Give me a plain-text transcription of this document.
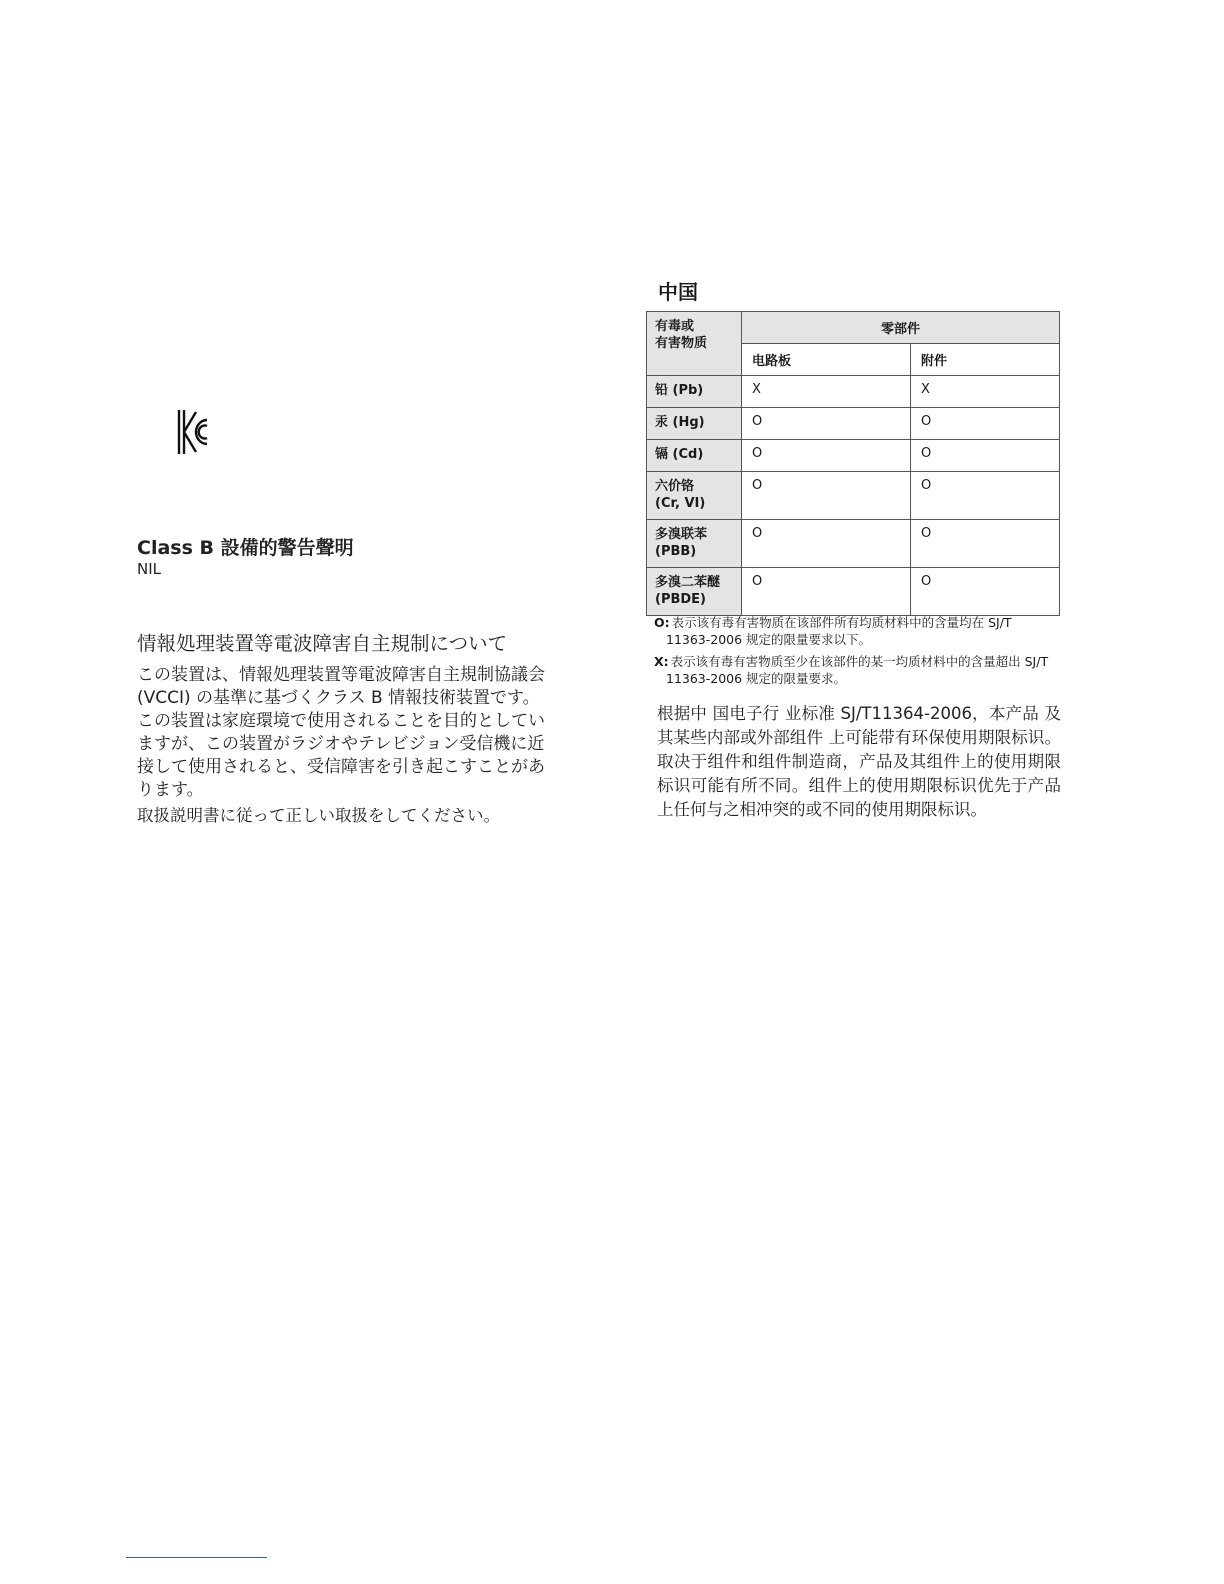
Class B 設備的警告聲明
NIL
情報処理装置等電波障害自主規制について

この装置は、情報処理装置等電波障害自主規制協議会 (VCCI) の基準に基づくクラス B 情報技術装置です。この装置は家庭環境で使用されることを目的としていますが、この装置がラジオやテレビジョン受信機に近接して使用されると、受信障害を引き起こすことがあります。

取扱説明書に従って正しい取扱をしてください。

中国
有毒或
有害物质	零部件	
	电路板	附件
铅 (Pb)	X	X
汞 (Hg)	O	O
镉 (Cd)	O	O
六价铬
(Cr, VI)	O	O
多溴联苯
(PBB)	O	O
多溴二苯醚
(PBDE)	O	O

O: 表示该有毒有害物质在该部件所有均质材料中的含量均在 SJ/T 11363-2006 规定的限量要求以下。

X: 表示该有毒有害物质至少在该部件的某一均质材料中的含量超出 SJ/T 11363-2006 规定的限量要求。

根据中 国电子行 业标准 SJ/T11364-2006，本产品 及其某些内部或外部组件 上可能带有环保使用期限标识。取决于组件和组件制造商，产品及其组件上的使用期限标识可能有所不同。组件上的使用期限标识优先于产品上任何与之相冲突的或不同的使用期限标识。
